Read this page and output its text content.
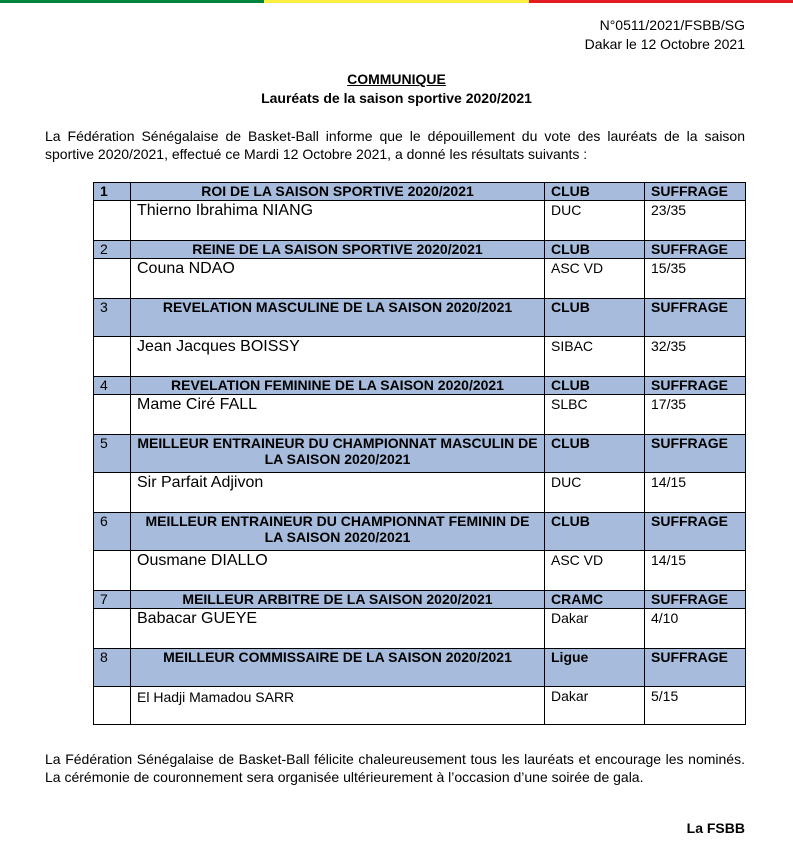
N°0511/2021/FSBB/SG
Dakar le 12 Octobre 2021
COMMUNIQUE
Lauréats de la saison sportive 2020/2021

La Fédération Sénégalaise de Basket-Ball informe que le dépouillement du vote des lauréats de la saison sportive 2020/2021, effectué ce Mardi 12 Octobre 2021, a donné les résultats suivants :

1	ROI DE LA SAISON SPORTIVE 2020/2021	CLUB	SUFFRAGE
	Thierno Ibrahima NIANG	DUC	23/35
2	REINE DE LA SAISON SPORTIVE 2020/2021	CLUB	SUFFRAGE
	Couna NDAO	ASC VD	15/35
3	REVELATION MASCULINE DE LA SAISON 2020/2021	CLUB	SUFFRAGE
	Jean Jacques BOISSY	SIBAC	32/35
4	REVELATION FEMININE DE LA SAISON 2020/2021	CLUB	SUFFRAGE
	Mame Ciré FALL	SLBC	17/35
5	MEILLEUR ENTRAINEUR DU CHAMPIONNAT MASCULIN DE LA SAISON 2020/2021	CLUB	SUFFRAGE
	Sir Parfait Adjivon	DUC	14/15
6	MEILLEUR ENTRAINEUR DU CHAMPIONNAT FEMININ DE LA SAISON 2020/2021	CLUB	SUFFRAGE
	Ousmane DIALLO	ASC VD	14/15
7	MEILLEUR ARBITRE DE LA SAISON 2020/2021	CRAMC	SUFFRAGE
	Babacar GUEYE	Dakar	4/10
8	MEILLEUR COMMISSAIRE DE LA SAISON 2020/2021	Ligue	SUFFRAGE
	El Hadji Mamadou SARR	Dakar	5/15

La Fédération Sénégalaise de Basket-Ball félicite chaleureusement tous les lauréats et encourage les nominés. La cérémonie de couronnement sera organisée ultérieurement à l’occasion d’une soirée de gala.

La FSBB
